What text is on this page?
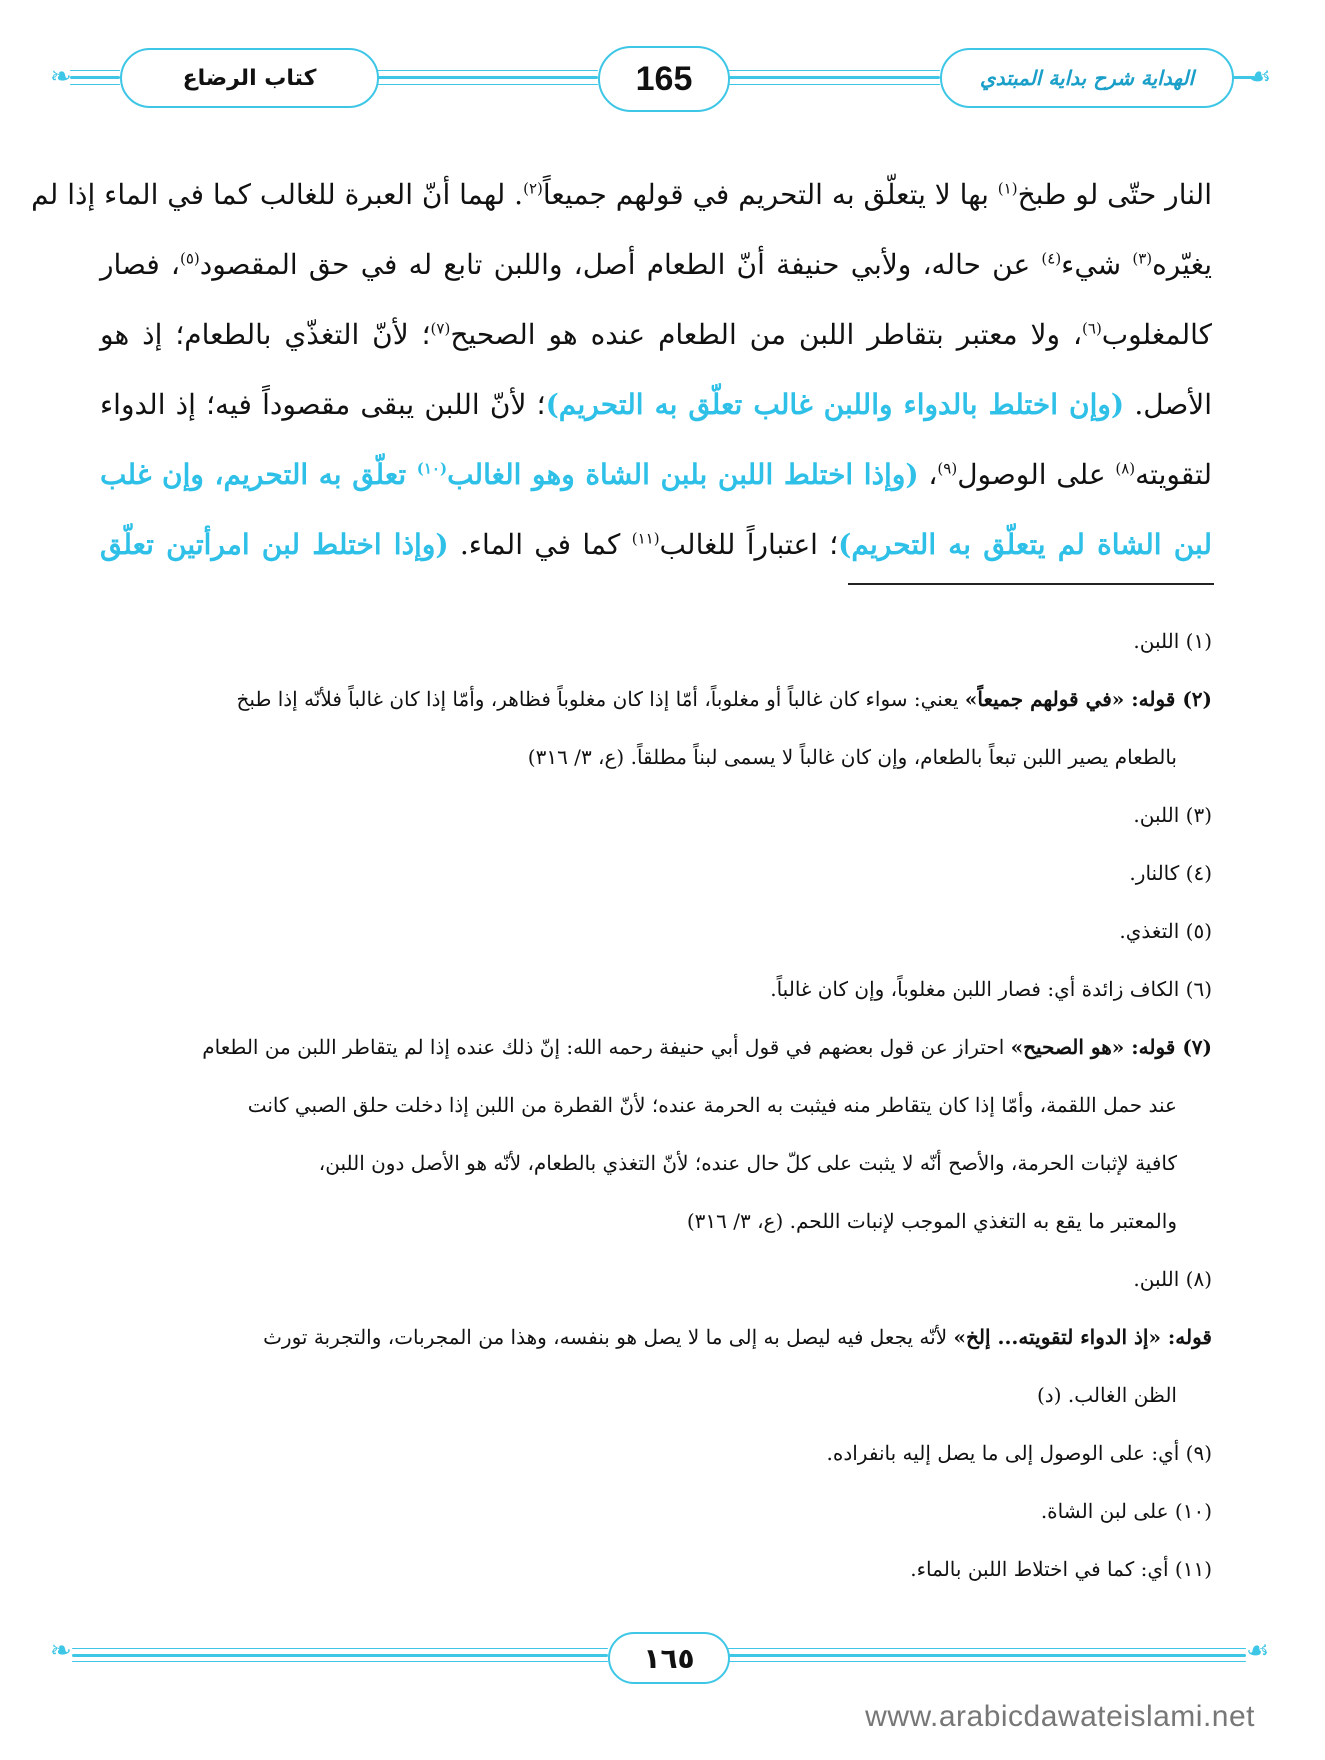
❧	☙
كتاب الرضاع	165	الهداية شرح بداية المبتدي
النار حتّى لو طبخ$^{(١)}$ بها لا يتعلّق به التحريم في قولهم جميعاً$^{(٢)}$. لهما أنّ العبرة للغالب كما في الماء إذا لم
يغيّره$^{(٣)}$ شيء$^{(٤)}$ عن حاله، ولأبي حنيفة أنّ الطعام أصل، واللبن تابع له في حق المقصود$^{(٥)}$، فصار
كالمغلوب$^{(٦)}$، ولا معتبر بتقاطر اللبن من الطعام عنده هو الصحيح$^{(٧)}$؛ لأنّ التغذّي بالطعام؛ إذ هو
الأصل. (وإن اختلط بالدواء واللبن غالب تعلّق به التحريم)؛ لأنّ اللبن يبقى مقصوداً فيه؛ إذ الدواء
لتقويته$^{(٨)}$ على الوصول$^{(٩)}$، (وإذا اختلط اللبن بلبن الشاة وهو الغالب$^{(١٠)}$ تعلّق به التحريم، وإن غلب
لبن الشاة لم يتعلّق به التحريم)؛ اعتباراً للغالب$^{(١١)}$ كما في الماء. (وإذا اختلط لبن امرأتين تعلّق
(١) اللبن.
(٢) قوله: «في قولهم جميعاً» يعني: سواء كان غالباً أو مغلوباً، أمّا إذا كان مغلوباً فظاهر، وأمّا إذا كان غالباً فلأنّه إذا طبخ
بالطعام يصير اللبن تبعاً بالطعام، وإن كان غالباً لا يسمى لبناً مطلقاً. (ع، ٣/ ٣١٦)
(٣) اللبن.
(٤) كالنار.
(٥) التغذي.
(٦) الكاف زائدة أي: فصار اللبن مغلوباً، وإن كان غالباً.
(٧) قوله: «هو الصحيح» احتراز عن قول بعضهم في قول أبي حنيفة رحمه الله: إنّ ذلك عنده إذا لم يتقاطر اللبن من الطعام
عند حمل اللقمة، وأمّا إذا كان يتقاطر منه فيثبت به الحرمة عنده؛ لأنّ القطرة من اللبن إذا دخلت حلق الصبي كانت
كافية لإثبات الحرمة، والأصح أنّه لا يثبت على كلّ حال عنده؛ لأنّ التغذي بالطعام، لأنّه هو الأصل دون اللبن،
والمعتبر ما يقع به التغذي الموجب لإنبات اللحم. (ع، ٣/ ٣١٦)
(٨) اللبن.
قوله: «إذ الدواء لتقويته... إلخ» لأنّه يجعل فيه ليصل به إلى ما لا يصل هو بنفسه، وهذا من المجربات، والتجربة تورث
الظن الغالب. (د)
(٩) أي: على الوصول إلى ما يصل إليه بانفراده.
(١٠) على لبن الشاة.
(١١) أي: كما في اختلاط اللبن بالماء.
❧	☙
١٦٥
www.arabicdawateislami.net
